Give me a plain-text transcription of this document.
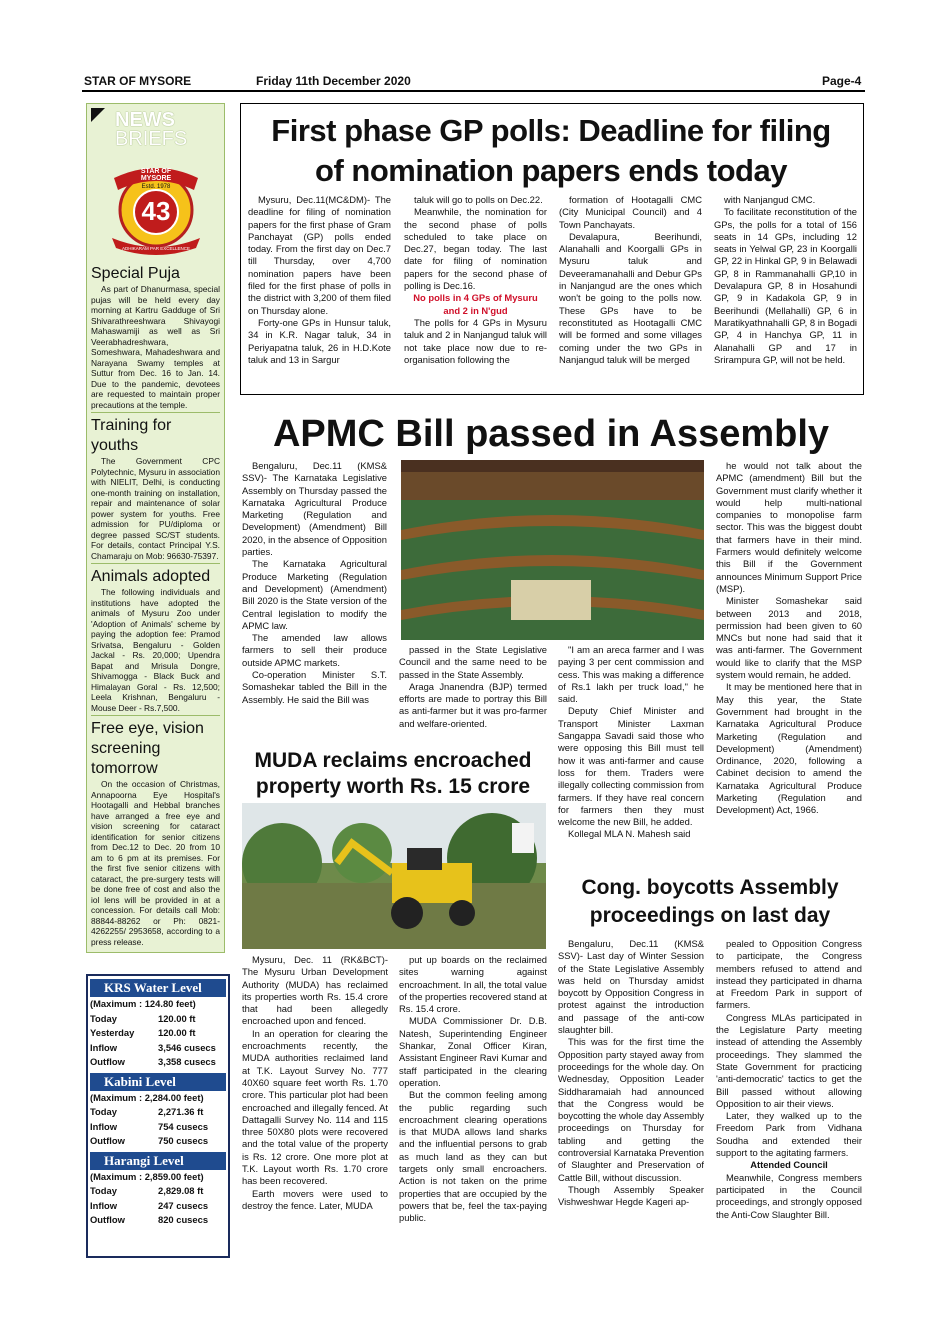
STAR OF MYSORE	Friday 11th December 2020	Page-4
NEWS
BRIEFS
STAR OF MYSORE
Estd. 1978
43
ADHIKARAM PAR EXCELLENCE

Special Puja

As part of Dhanurmasa, special pujas will be held every day morning at Kartru Gadduge of Sri Shivarathreeshwara Shivayogi Mahaswamiji as well as Sri Veerabhadreshwara, Someshwara, Mahadeshwara and Narayana Swamy temples at Suttur from Dec. 16 to Jan. 14. Due to the pandemic, devotees are requested to maintain proper precautions at the temple.

Training for youths

The Government CPC Polytechnic, Mysuru in association with NIELIT, Delhi, is conducting one-month training on installation, repair and maintenance of solar power system for youths. Free admission for PU/diploma or degree passed SC/ST students. For details, contact Principal Y.S. Chamaraju on Mob: 96630-75397.

Animals adopted

The following individuals and institutions have adopted the animals of Mysuru Zoo under 'Adoption of Animals' scheme by paying the adoption fee: Pramod Srivatsa, Bengaluru - Golden Jackal - Rs. 20,000; Upendra Bapat and Mrisula Dongre, Shivamogga - Black Buck and Himalayan Goral - Rs. 12,500; Leela Krishnan, Bengaluru - Mouse Deer - Rs.7,500.

Free eye, vision screening tomorrow

On the occasion of Christmas, Annapoorna Eye Hospital's Hootagalli and Hebbal branches have arranged a free eye and vision screening for cataract identification for senior citizens from Dec.12 to Dec. 20 from 10 am to 6 pm at its premises. For the first five senior citizens with cataract, the pre-surgery tests will be done free of cost and also the iol lens will be provided in at a concession. For details call Mob: 88844-88262 or Ph: 0821-4262255/ 2953658, according to a press release.

KRS Water Level
(Maximum : 124.80 feet)
Today	120.00 ft
Yesterday	120.00 ft
Inflow	3,546 cusecs
Outflow	3,358 cusecs
Kabini Level
(Maximum : 2,284.00 feet)
Today	2,271.36 ft
Inflow	754 cusecs
Outflow	750 cusecs
Harangi Level
(Maximum : 2,859.00 feet)
Today	2,829.08 ft
Inflow	247 cusecs
Outflow	820 cusecs
First phase GP polls: Deadline for filing
of nomination papers ends today

Mysuru, Dec.11(MC&DM)- The deadline for filing of nomination papers for the first phase of Gram Panchayat (GP) polls ended today. From the first day on Dec.7 till Thursday, over 4,700 nomination papers have been filed for the first phase of polls in the district with 3,200 of them filed on Thursday alone.

Forty-one GPs in Hunsur taluk, 34 in K.R. Nagar taluk, 34 in Periyapatna taluk, 26 in H.D.Kote taluk and 13 in Sargur

taluk will go to polls on Dec.22.

Meanwhile, the nomination for the second phase of polls scheduled to take place on Dec.27, began today. The last date for filing of nomination papers for the second phase of polling is Dec.16.

No polls in 4 GPs of Mysuru and 2 in N'gud

The polls for 4 GPs in Mysuru taluk and 2 in Nanjangud taluk will not take place now due to re-organisation following the

formation of Hootagalli CMC (City Municipal Council) and 4 Town Panchayats.

Devalapura, Beerihundi, Alanahalli and Koorgalli GPs in Mysuru taluk and Deveeramanahalli and Debur GPs in Nanjangud are the ones which won't be going to the polls now. These GPs have to be reconstituted as Hootagalli CMC will be formed and some villages coming under the two GPs in Nanjangud taluk will be merged

with Nanjangud CMC.

To facilitate reconstitution of the GPs, the polls for a total of 156 seats in 14 GPs, including 12 seats in Yelwal GP, 23 in Koorgalli GP, 22 in Hinkal GP, 9 in Belawadi GP, 8 in Rammanahalli GP,10 in Devalapura GP, 8 in Hosahundi GP, 9 in Kadakola GP, 9 in Beerihundi (Mellahalli) GP, 6 in Maratikyathnahalli GP, 8 in Bogadi GP, 4 in Hanchya GP, 11 in Alanahalli GP and 17 in Srirampura GP, will not be held.

APMC Bill passed in Assembly

Bengaluru, Dec.11 (KMS& SSV)- The Karnataka Legislative Assembly on Thursday passed the Karnataka Agricultural Produce Marketing (Regulation and Development) (Amendment) Bill 2020, in the absence of Opposition parties.

The Karnataka Agricultural Produce Marketing (Regulation and Development) (Amendment) Bill 2020 is the State version of the Central legislation to modify the APMC law.

The amended law allows farmers to sell their produce outside APMC markets.

Co-operation Minister S.T. Somashekar tabled the Bill in the Assembly. He said the Bill was

passed in the State Legislative Council and the same need to be passed in the State Assembly.

Araga Jnanendra (BJP) termed efforts are made to portray this Bill as anti-farmer but it was pro-farmer and welfare-oriented.

"I am an areca farmer and I was paying 3 per cent commission and cess. This was making a difference of Rs.1 lakh per truck load," he said.

Deputy Chief Minister and Transport Minister Laxman Sangappa Savadi said those who were opposing this Bill must tell how it was anti-farmer and cause loss for them. Traders were illegally collecting commission from farmers. If they have real concern for farmers then they must welcome the new Bill, he added.

Kollegal MLA N. Mahesh said

he would not talk about the APMC (amendment) Bill but the Government must clarify whether it would help multi-national companies to monopolise farm sector. This was the biggest doubt that farmers have in their mind. Farmers would definitely welcome this Bill if the Government announces Minimum Support Price (MSP).

Minister Somashekar said between 2013 and 2018, permission had been given to 60 MNCs but none had said that it was anti-farmer. The Government would like to clarify that the MSP system would remain, he added.

It may be mentioned here that in May this year, the State Government had brought in the Karnataka Agricultural Produce Marketing (Regulation and Development) (Amendment) Ordinance, 2020, following a Cabinet decision to amend the Karnataka Agricultural Produce Marketing (Regulation and Development) Act, 1966.

MUDA reclaims encroached
property worth Rs. 15 crore

Mysuru, Dec. 11 (RK&BCT)- The Mysuru Urban Development Authority (MUDA) has reclaimed its properties worth Rs. 15.4 crore that had been allegedly encroached upon and fenced.

In an operation for clearing the encroachments recently, the MUDA authorities reclaimed land at T.K. Layout Survey No. 777 40X60 square feet worth Rs. 1.70 crore. This particular plot had been encroached and illegally fenced. At Dattagalli Survey No. 114 and 115 three 50X80 plots were recovered and the total value of the property is Rs. 12 crore. One more plot at T.K. Layout worth Rs. 1.70 crore has been recovered.

Earth movers were used to destroy the fence. Later, MUDA

put up boards on the reclaimed sites warning against encroachment. In all, the total value of the properties recovered stand at Rs. 15.4 crore.

MUDA Commissioner Dr. D.B. Natesh, Superintending Engineer Shankar, Zonal Officer Kiran, Assistant Engineer Ravi Kumar and staff participated in the clearing operation.

But the common feeling among the public regarding such encroachment clearing operations is that MUDA allows land sharks and the influential persons to grab as much land as they can but targets only small encroachers. Action is not taken on the prime properties that are occupied by the powers that be, feel the tax-paying public.

Cong. boycotts Assembly
proceedings on last day

Bengaluru, Dec.11 (KMS& SSV)- Last day of Winter Session of the State Legislative Assembly was held on Thursday amidst boycott by Opposition Congress in protest against the introduction and passage of the anti-cow slaughter bill.

This was for the first time the Opposition party stayed away from proceedings for the whole day. On Wednesday, Opposition Leader Siddharamaiah had announced that the Congress would be boycotting the whole day Assembly proceedings on Thursday for tabling and getting the controversial Karnataka Prevention of Slaughter and Preservation of Cattle Bill, without discussion.

Though Assembly Speaker Vishweshwar Hegde Kageri ap-

pealed to Opposition Congress to participate, the Congress members refused to attend and instead they participated in dharna at Freedom Park in support of farmers.

Congress MLAs participated in the Legislature Party meeting instead of attending the Assembly proceedings. They slammed the State Government for practicing 'anti-democratic' tactics to get the Bill passed without allowing Opposition to air their views.

Later, they walked up to the Freedom Park from Vidhana Soudha and extended their support to the agitating farmers.

Attended Council

Meanwhile, Congress members participated in the Council proceedings, and strongly opposed the Anti-Cow Slaughter Bill.
